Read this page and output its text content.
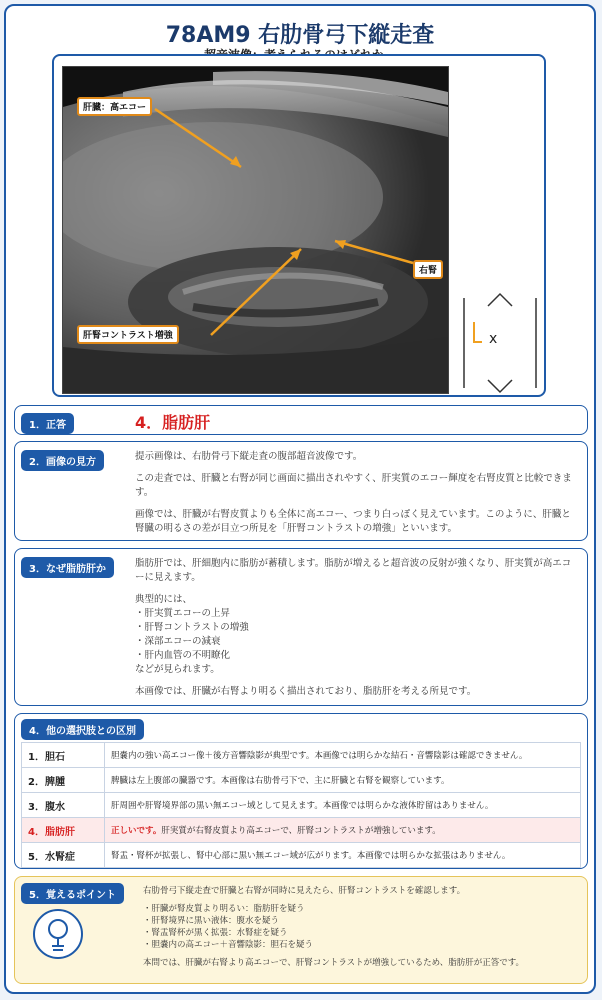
78AM9 右肋骨弓下縦走査
肝臓：高エコー
右腎
肝腎コントラスト増強	x
1．正答	4．脂肪肝
2．画像の見方

提示画像は、右肋骨弓下縦走査の腹部超音波像です。

この走査では、肝臓と右腎が同じ画面に描出されやすく、肝実質のエコー輝度を右腎皮質と比較できます。

画像では、肝臓が右腎皮質よりも全体に高エコー、つまり白っぽく見えています。このように、肝臓と腎臓の明るさの差が目立つ所見を「肝腎コントラストの増強」といいます。

3．なぜ脂肪肝か

脂肪肝では、肝細胞内に脂肪が蓄積します。脂肪が増えると超音波の反射が強くなり、肝実質が高エコーに見えます。

典型的には、
・肝実質エコーの上昇
・肝腎コントラストの増強
・深部エコーの減衰
・肝内血管の不明瞭化

などが見られます。

本画像では、肝臓が右腎より明るく描出されており、脂肪肝を考える所見です。

4．他の選択肢との区別
1．胆石	胆嚢内の強い高エコー像＋後方音響陰影が典型です。本画像では明らかな結石・音響陰影は確認できません。
2．脾腫	脾臓は左上腹部の臓器です。本画像は右肋骨弓下で、主に肝臓と右腎を観察しています。
3．腹水	肝周囲や肝腎境界部の黒い無エコー域として見えます。本画像では明らかな液体貯留はありません。
4．脂肪肝	正しいです。肝実質が右腎皮質より高エコーで、肝腎コントラストが増強しています。
5．水腎症	腎盂・腎杯が拡張し、腎中心部に黒い無エコー域が広がります。本画像では明らかな拡張はありません。
5．覚えるポイント	右肋骨弓下縦走査で肝臓と右腎が同時に見えたら、肝腎コントラストを確認します。
・肝臓が腎皮質より明るい：脂肪肝を疑う
・肝腎境界に黒い液体：腹水を疑う
・腎盂腎杯が黒く拡張：水腎症を疑う
・胆嚢内の高エコー＋音響陰影：胆石を疑う
本問では、肝臓が右腎より高エコーで、肝腎コントラストが増強しているため、脂肪肝が正答です。
